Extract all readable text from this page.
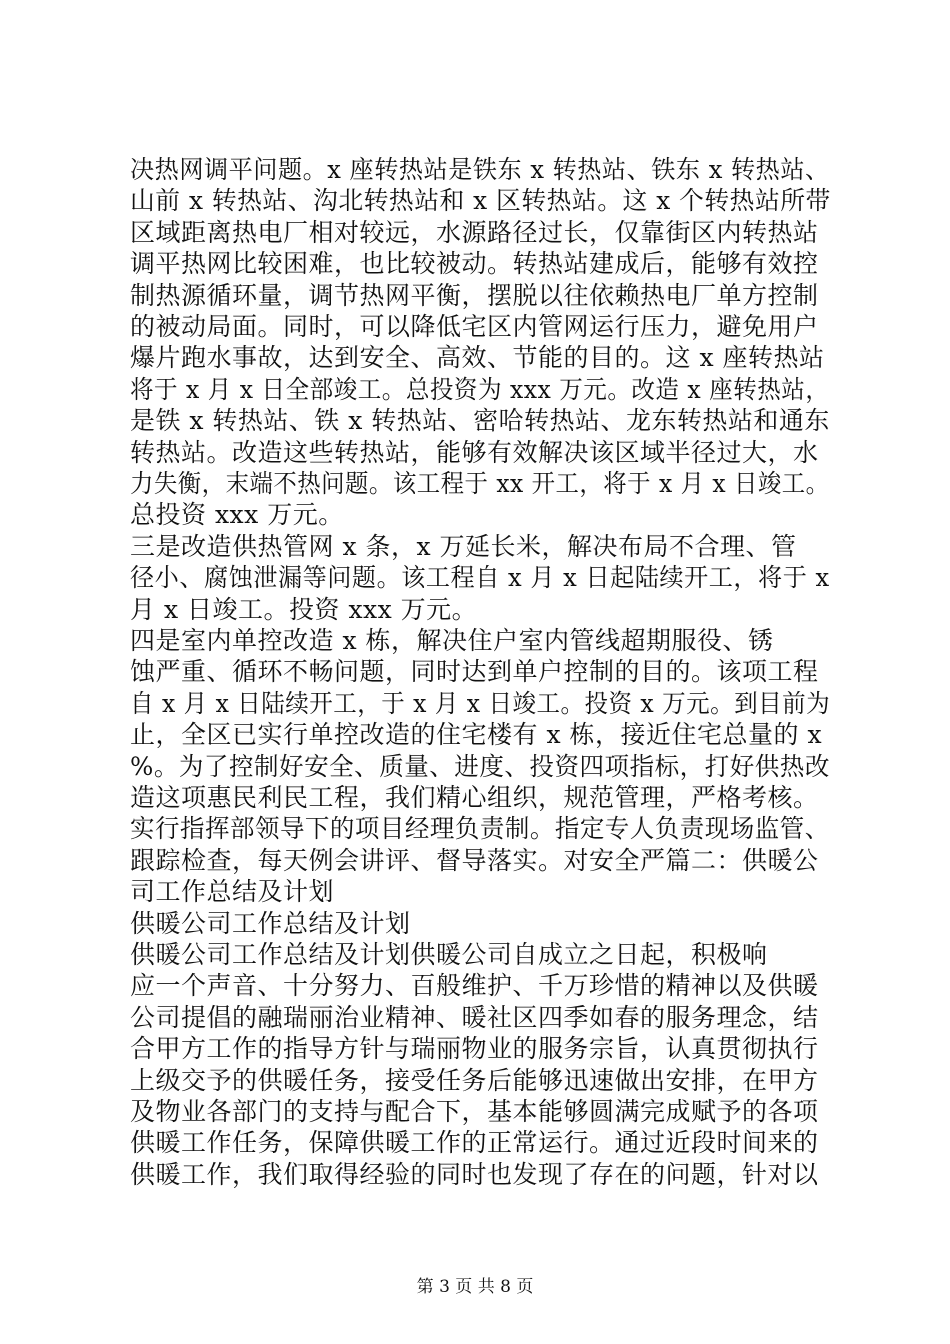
决热网调平问题。x 座转热站是铁东 x 转热站、铁东 x 转热站、
山前 x 转热站、沟北转热站和 x 区转热站。这 x 个转热站所带
区域距离热电厂相对较远，水源路径过长，仅靠街区内转热站
调平热网比较困难，也比较被动。转热站建成后，能够有效控
制热源循环量，调节热网平衡，摆脱以往依赖热电厂单方控制
的被动局面。同时，可以降低宅区内管网运行压力，避免用户
爆片跑水事故，达到安全、高效、节能的目的。这 x 座转热站
将于 x 月 x 日全部竣工。总投资为 xxx 万元。改造 x 座转热站，
是铁 x 转热站、铁 x 转热站、密哈转热站、龙东转热站和通东
转热站。改造这些转热站，能够有效解决该区域半径过大，水
力失衡，末端不热问题。该工程于 xx 开工，将于 x 月 x 日竣工。
总投资 xxx 万元。
三是改造供热管网 x 条，x 万延长米，解决布局不合理、管
径小、腐蚀泄漏等问题。该工程自 x 月 x 日起陆续开工，将于 x
月 x 日竣工。投资 xxx 万元。
四是室内单控改造 x 栋，解决住户室内管线超期服役、锈
蚀严重、循环不畅问题，同时达到单户控制的目的。该项工程
自 x 月 x 日陆续开工，于 x 月 x 日竣工。投资 x 万元。到目前为
止，全区已实行单控改造的住宅楼有 x 栋，接近住宅总量的 x
%。为了控制好安全、质量、进度、投资四项指标，打好供热改
造这项惠民利民工程，我们精心组织，规范管理，严格考核。
实行指挥部领导下的项目经理负责制。指定专人负责现场监管、
跟踪检查，每天例会讲评、督导落实。对安全严篇二：供暖公
司工作总结及计划
供暖公司工作总结及计划
供暖公司工作总结及计划供暖公司自成立之日起，积极响
应一个声音、十分努力、百般维护、千万珍惜的精神以及供暖
公司提倡的融瑞丽治业精神、暖社区四季如春的服务理念，结
合甲方工作的指导方针与瑞丽物业的服务宗旨，认真贯彻执行
上级交予的供暖任务，接受任务后能够迅速做出安排，在甲方
及物业各部门的支持与配合下，基本能够圆满完成赋予的各项
供暖工作任务，保障供暖工作的正常运行。通过近段时间来的
供暖工作，我们取得经验的同时也发现了存在的问题，针对以
第 3 页 共 8 页
